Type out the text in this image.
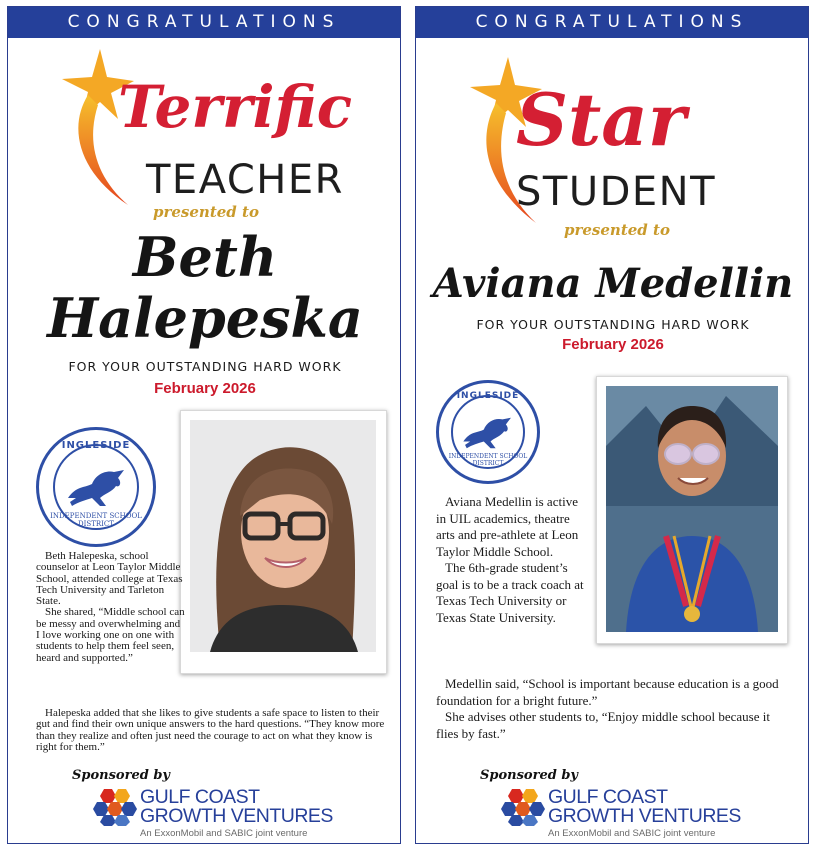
CONGRATULATIONS
Terrific
TEACHER
presented to
Beth
Halepeska
FOR YOUR OUTSTANDING HARD WORK
February 2026
INGLESIDE
INDEPENDENT SCHOOL DISTRICT

Beth Halepeska, school counselor at Leon Taylor Middle School, attended college at Texas Tech University and Tarleton State.

She shared, “Middle school can be messy and overwhelming and I love working one on one with students to help them feel seen, heard and supported.”

Halepeska added that she likes to give students a safe space to listen to their gut and find their own unique answers to the hard questions. “They know more than they realize and often just need the courage to act on what they know is right for them.”

Sponsored by
GULF COAST
GROWTH VENTURES
An ExxonMobil and SABIC joint venture
CONGRATULATIONS
Star
STUDENT
presented to
Aviana Medellin
FOR YOUR OUTSTANDING HARD WORK
February 2026
INGLESIDE
INDEPENDENT SCHOOL DISTRICT

Aviana Medellin is active in UIL academics, theatre arts and pre-athlete at Leon Taylor Middle School.

The 6th-grade student’s goal is to be a track coach at Texas Tech University or Texas State University.

Medellin said, “School is important because education is a good foundation for a bright future.”

She advises other students to, “Enjoy middle school because it flies by fast.”

Sponsored by
GULF COAST
GROWTH VENTURES
An ExxonMobil and SABIC joint venture
